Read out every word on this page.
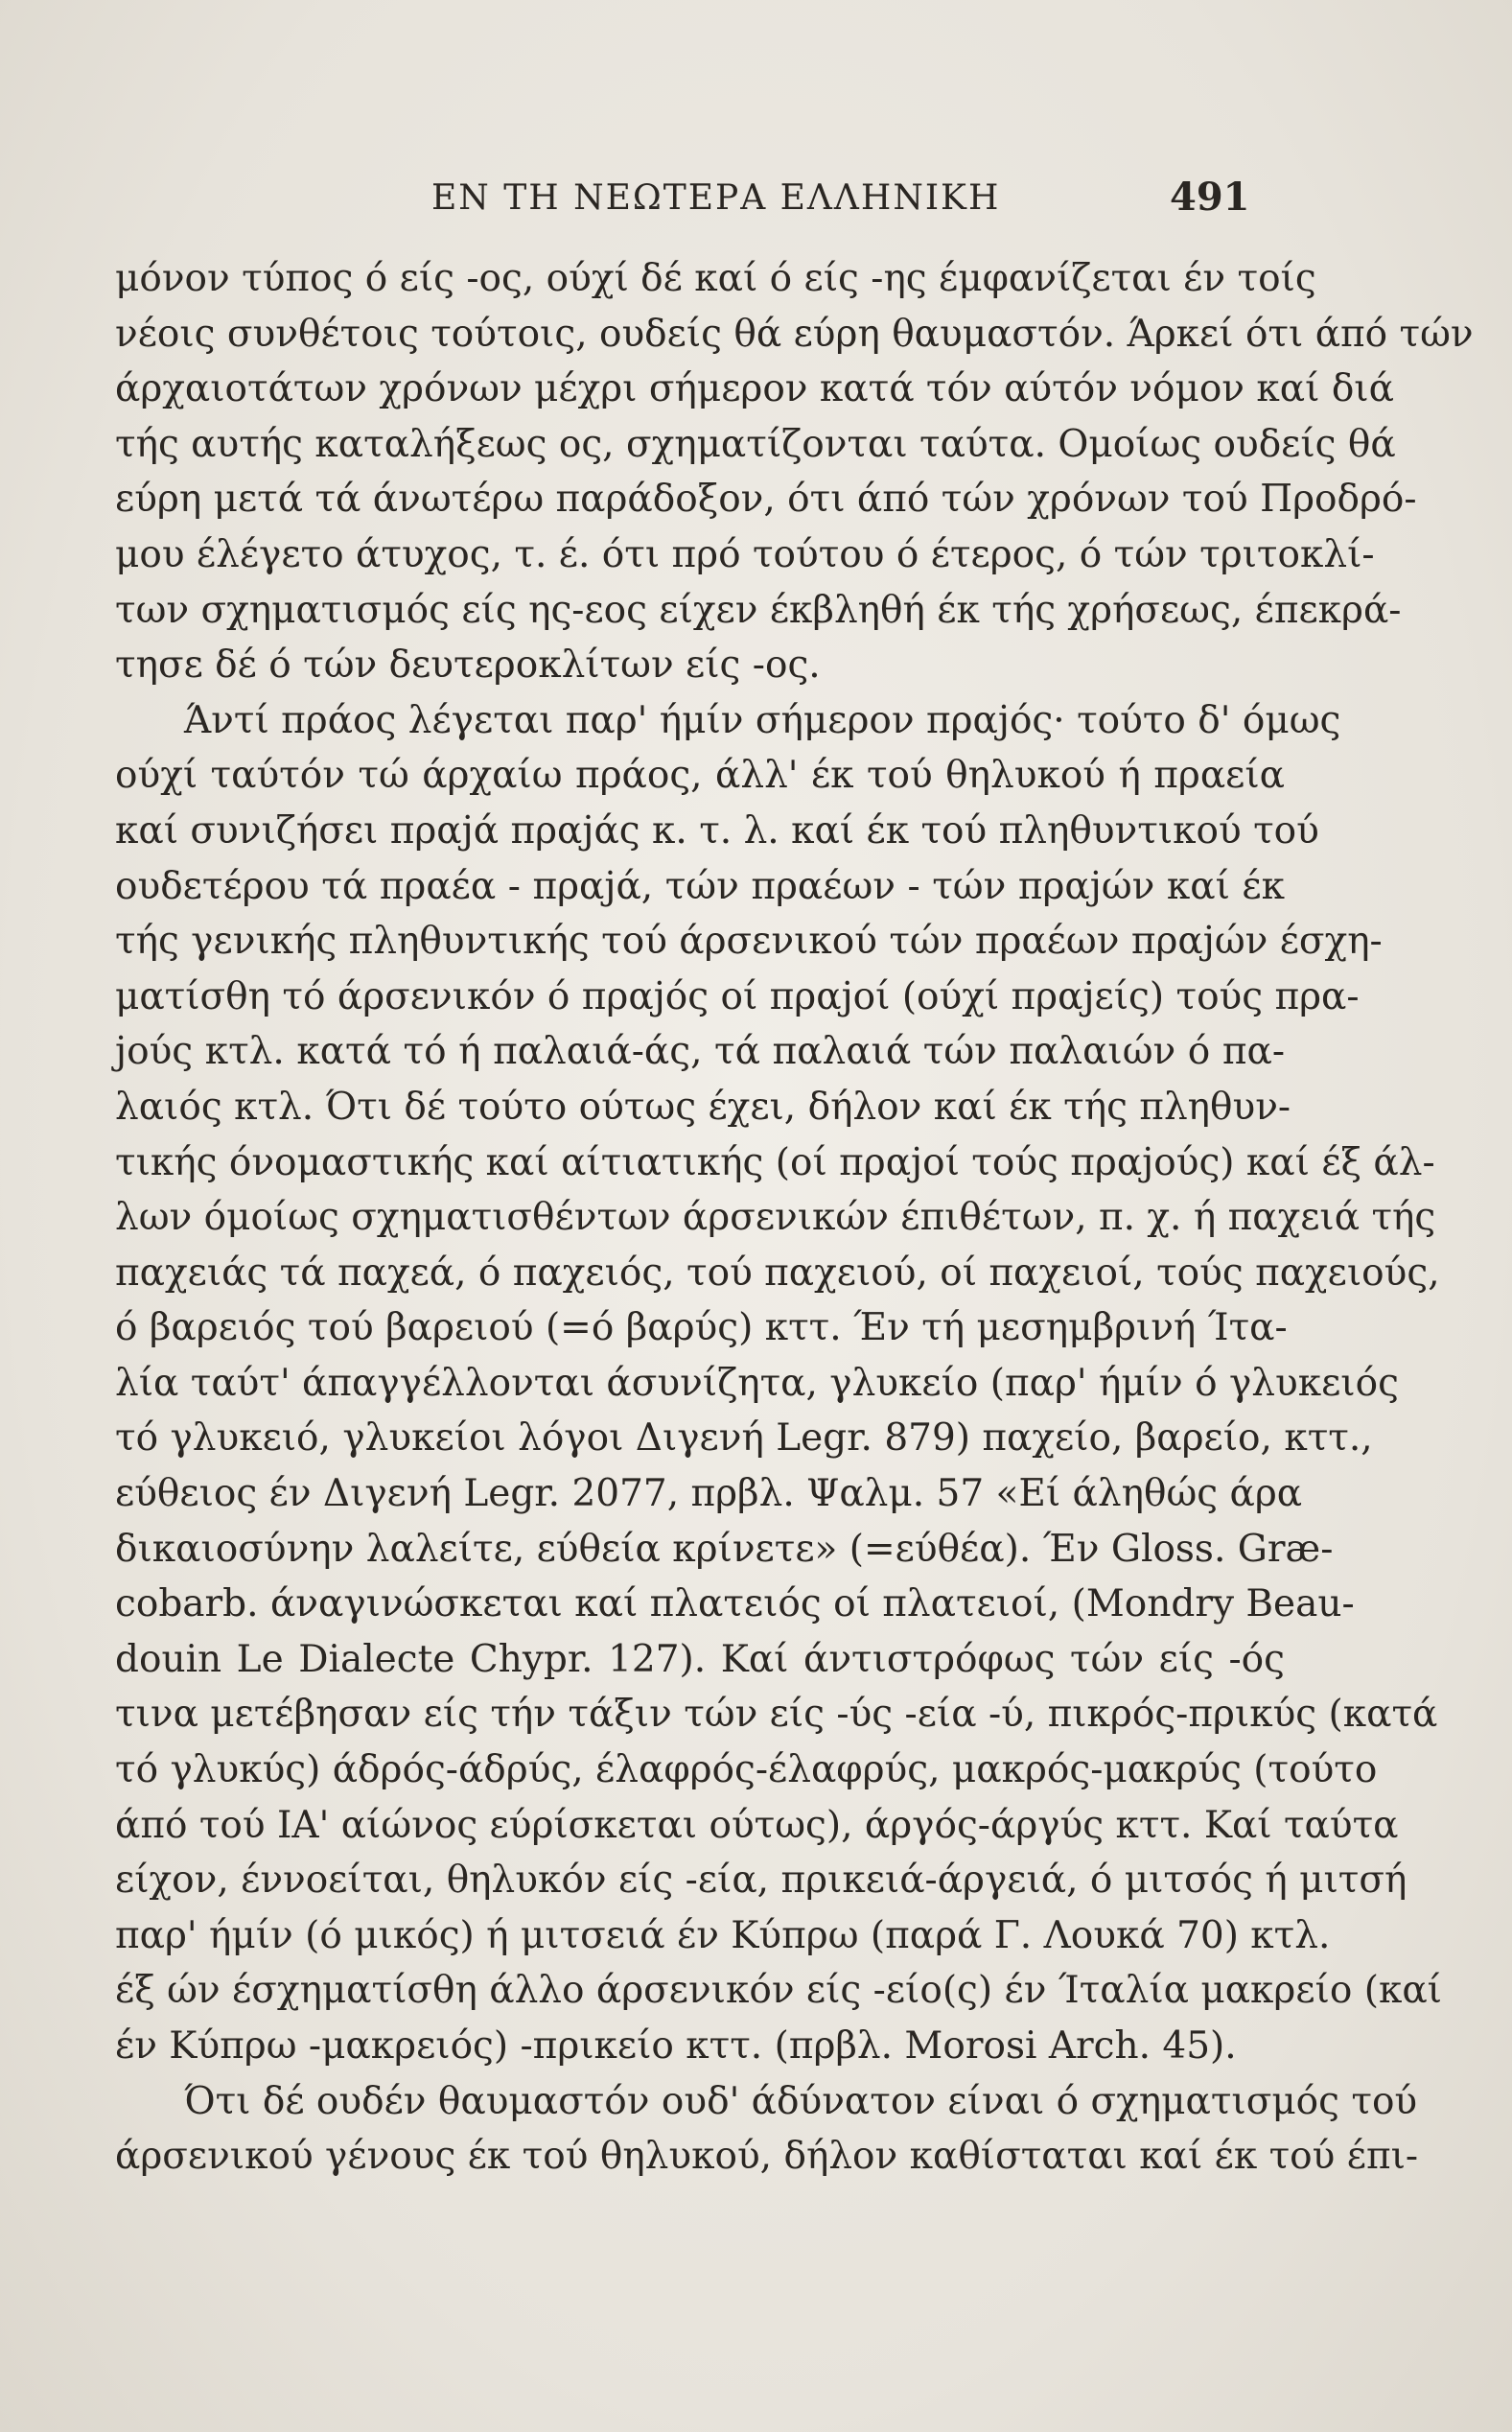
ΕΝ ΤΗ ΝΕΩΤΕΡΑ ΕΛΛΗΝΙΚΗ	491
μόνον τύπος ό είς -ος, ούχί δέ καί ό είς -ης έμφανίζεται έν τοίς
νέοις συνθέτοις τούτοις, ουδείς θά εύρη θαυμαστόν. Άρκεί ότι άπό τών
άρχαιοτάτων χρόνων μέχρι σήμερον κατά τόν αύτόν νόμον καί διά
τής αυτής καταλήξεως ος, σχηματίζονται ταύτα. Ομοίως ουδείς θά
εύρη μετά τά άνωτέρω παράδοξον, ότι άπό τών χρόνων τού Προδρό-
μου έλέγετο άτυχος, τ. έ. ότι πρό τούτου ό έτερος, ό τών τριτοκλί-
των σχηματισμός είς ης-εος είχεν έκβληθή έκ τής χρήσεως, έπεκρά-
τησε δέ ό τών δευτεροκλίτων είς -ος.
Άντί πράος λέγεται παρ' ήμίν σήμερον πραjός· τούτο δ' όμως
ούχί ταύτόν τώ άρχαίω πράος, άλλ' έκ τού θηλυκού ή πραεία
καί συνιζήσει πραjά πραjάς κ. τ. λ. καί έκ τού πληθυντικού τού
ουδετέρου τά πραέα - πραjά, τών πραέων - τών πραjών καί έκ
τής γενικής πληθυντικής τού άρσενικού τών πραέων πραjών έσχη-
ματίσθη τό άρσενικόν ό πραjός οί πραjοί (ούχί πραjείς) τούς πρα-
jούς κτλ. κατά τό ή παλαιά-άς, τά παλαιά τών παλαιών ό πα-
λαιός κτλ. Ότι δέ τούτο ούτως έχει, δήλον καί έκ τής πληθυν-
τικής όνομαστικής καί αίτιατικής (οί πραjοί τούς πραjούς) καί έξ άλ-
λων όμοίως σχηματισθέντων άρσενικών έπιθέτων, π. χ. ή παχειά τής
παχειάς τά παχεά, ό παχειός, τού παχειού, οί παχειοί, τούς παχειούς,
ό βαρειός τού βαρειού (=ό βαρύς) κττ. Έν τή μεσημβρινή Ίτα-
λία ταύτ' άπαγγέλλονται άσυνίζητα, γλυκείο (παρ' ήμίν ό γλυκειός
τό γλυκειό, γλυκείοι λόγοι Διγενή Legr. 879) παχείο, βαρείο, κττ.,
εύθειος έν Διγενή Legr. 2077, πρβλ. Ψαλμ. 57 «Εί άληθώς άρα
δικαιοσύνην λαλείτε, εύθεία κρίνετε» (=εύθέα). Έν Gloss. Græ-
cobarb. άναγινώσκεται καί πλατειός οί πλατειοί, (Mondry Beau-
douin Le Dialecte Chypr. 127). Καί άντιστρόφως τών είς -ός
τινα μετέβησαν είς τήν τάξιν τών είς -ύς -εία -ύ, πικρός-πρικύς (κατά
τό γλυκύς) άδρός-άδρύς, έλαφρός-έλαφρύς, μακρός-μακρύς (τούτο
άπό τού ΙΑ' αίώνος εύρίσκεται ούτως), άργός-άργύς κττ. Καί ταύτα
είχον, έννοείται, θηλυκόν είς -εία, πρικειά-άργειά, ό μιτσός ή μιτσή
παρ' ήμίν (ό μικός) ή μιτσειά έν Κύπρω (παρά Γ. Λουκά 70) κτλ.
έξ ών έσχηματίσθη άλλο άρσενικόν είς -είο(ς) έν Ίταλία μακρείο (καί
έν Κύπρω -μακρειός) -πρικείο κττ. (πρβλ. Morosi Arch. 45).
Ότι δέ ουδέν θαυμαστόν ουδ' άδύνατον είναι ό σχηματισμός τού
άρσενικού γένους έκ τού θηλυκού, δήλον καθίσταται καί έκ τού έπι-
